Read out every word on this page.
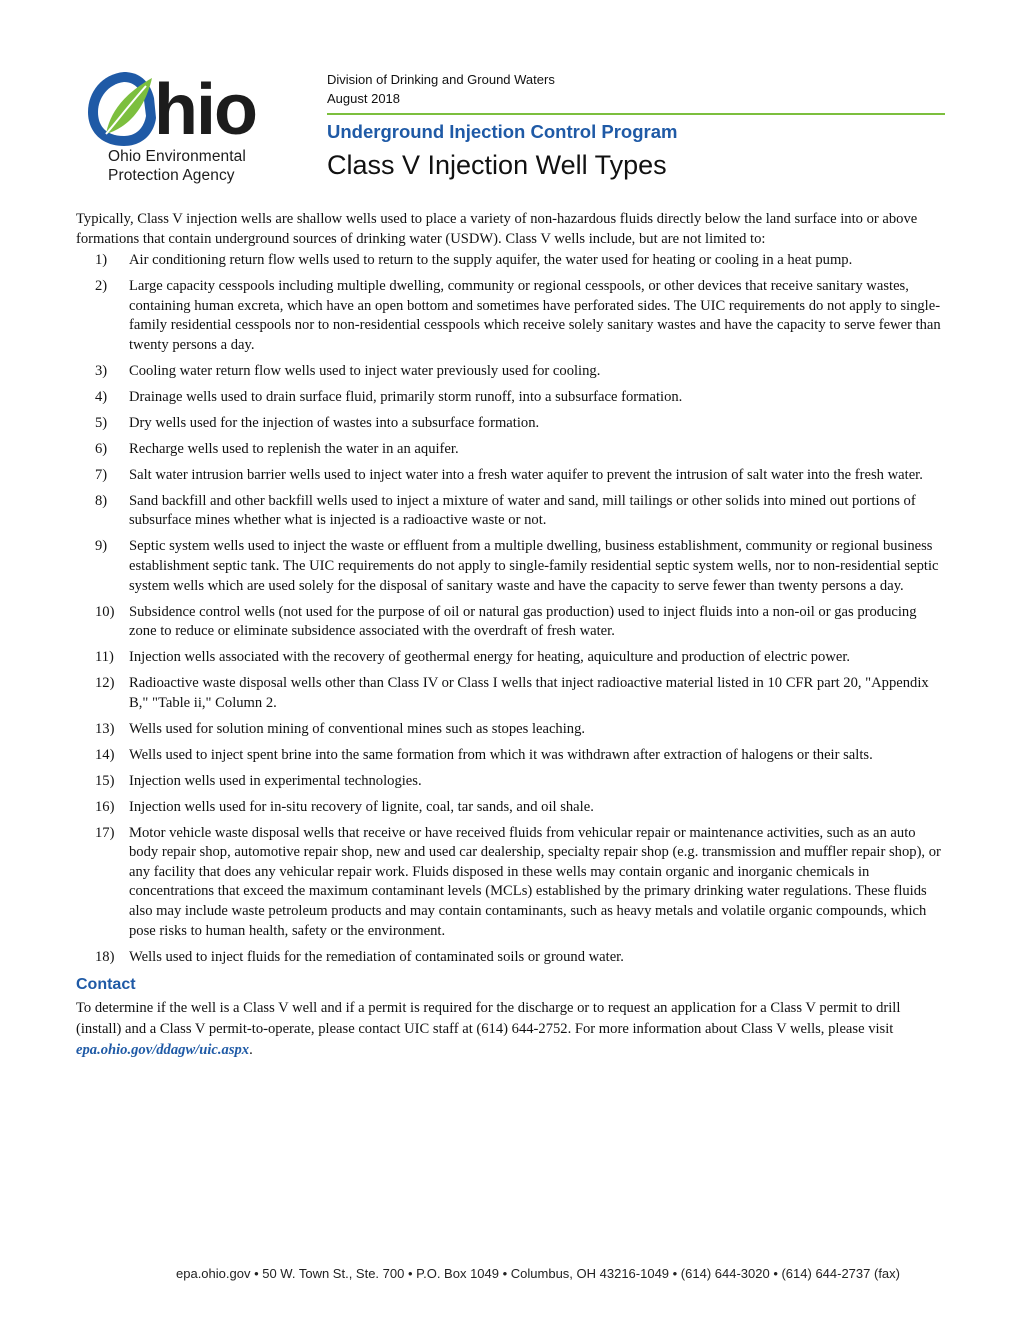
hio
Ohio Environmental
Protection Agency
Division of Drinking and Ground Waters
August 2018
Underground Injection Control Program
Class V Injection Well Types

Typically, Class V injection wells are shallow wells used to place a variety of non-hazardous fluids directly below the land surface into or above formations that contain underground sources of drinking water (USDW). Class V wells include, but are not limited to:

1)	Air conditioning return flow wells used to return to the supply aquifer, the water used for heating or cooling in a heat pump.
2)	Large capacity cesspools including multiple dwelling, community or regional cesspools, or other devices that receive sanitary wastes, containing human excreta, which have an open bottom and sometimes have perforated sides. The UIC requirements do not apply to single-family residential cesspools nor to non-residential cesspools which receive solely sanitary wastes and have the capacity to serve fewer than twenty persons a day.
3)	Cooling water return flow wells used to inject water previously used for cooling.
4)	Drainage wells used to drain surface fluid, primarily storm runoff, into a subsurface formation.
5)	Dry wells used for the injection of wastes into a subsurface formation.
6)	Recharge wells used to replenish the water in an aquifer.
7)	Salt water intrusion barrier wells used to inject water into a fresh water aquifer to prevent the intrusion of salt water into the fresh water.
8)	Sand backfill and other backfill wells used to inject a mixture of water and sand, mill tailings or other solids into mined out portions of subsurface mines whether what is injected is a radioactive waste or not.
9)	Septic system wells used to inject the waste or effluent from a multiple dwelling, business establishment, community or regional business establishment septic tank. The UIC requirements do not apply to single-family residential septic system wells, nor to non-residential septic system wells which are used solely for the disposal of sanitary waste and have the capacity to serve fewer than twenty persons a day.
10) Subsidence control wells (not used for the purpose of oil or natural gas production) used to inject fluids into a non-oil or gas producing zone to reduce or eliminate subsidence associated with the overdraft of fresh water.
11)	Injection wells associated with the recovery of geothermal energy for heating, aquiculture and production of electric power.
12) Radioactive waste disposal wells other than Class IV or Class I wells that inject radioactive material listed in 10 CFR part 20, "Appendix B," "Table ii," Column 2.
13) Wells used for solution mining of conventional mines such as stopes leaching.
14) Wells used to inject spent brine into the same formation from which it was withdrawn after extraction of halogens or their salts.
15) Injection wells used in experimental technologies.
16) Injection wells used for in-situ recovery of lignite, coal, tar sands, and oil shale.
17) Motor vehicle waste disposal wells that receive or have received fluids from vehicular repair or maintenance activities, such as an auto body repair shop, automotive repair shop, new and used car dealership, specialty repair shop (e.g. transmission and muffler repair shop), or any facility that does any vehicular repair work. Fluids disposed in these wells may contain organic and inorganic chemicals in concentrations that exceed the maximum contaminant levels (MCLs) established by the primary drinking water regulations. These fluids also may include waste petroleum products and may contain contaminants, such as heavy metals and volatile organic compounds, which pose risks to human health, safety or the environment.
18) Wells used to inject fluids for the remediation of contaminated soils or ground water.
Contact

To determine if the well is a Class V well and if a permit is required for the discharge or to request an application for a Class V permit to drill (install) and a Class V permit-to-operate, please contact UIC staff at (614) 644-2752. For more information about Class V wells, please visit epa.ohio.gov/ddagw/uic.aspx.

epa.ohio.gov • 50 W. Town St., Ste. 700 • P.O. Box 1049 • Columbus, OH 43216-1049 • (614) 644-3020 • (614) 644-2737 (fax)
